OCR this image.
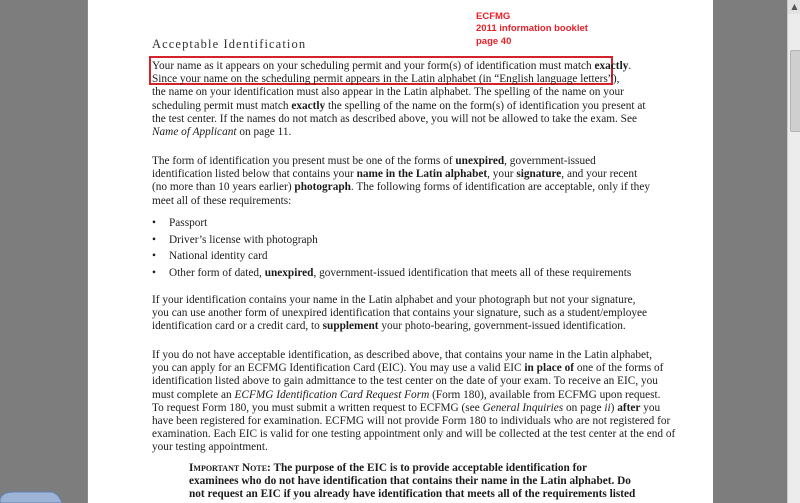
▲
ECFMG
2011 information booklet
page 40
Acceptable Identification
Your name as it appears on your scheduling permit and your form(s) of identification must match exactly.
Since your name on the scheduling permit appears in the Latin alphabet (in “English language letters”),
the name on your identification must also appear in the Latin alphabet. The spelling of the name on your
scheduling permit must match exactly the spelling of the name on the form(s) of identification you present at
the test center. If the names do not match as described above, you will not be allowed to take the exam. See
Name of Applicant on page 11.
The form of identification you present must be one of the forms of unexpired, government-issued
identification listed below that contains your name in the Latin alphabet, your signature, and your recent
(no more than 10 years earlier) photograph. The following forms of identification are acceptable, only if they
meet all of these requirements:
• Passport
• Driver’s license with photograph
• National identity card
• Other form of dated, unexpired, government-issued identification that meets all of these requirements
If your identification contains your name in the Latin alphabet and your photograph but not your signature,
you can use another form of unexpired identification that contains your signature, such as a student/employee
identification card or a credit card, to supplement your photo-bearing, government-issued identification.
If you do not have acceptable identification, as described above, that contains your name in the Latin alphabet,
you can apply for an ECFMG Identification Card (EIC). You may use a valid EIC in place of one of the forms of
identification listed above to gain admittance to the test center on the date of your exam. To receive an EIC, you
must complete an ECFMG Identification Card Request Form (Form 180), available from ECFMG upon request.
To request Form 180, you must submit a written request to ECFMG (see General Inquiries on page ii) after you
have been registered for examination. ECFMG will not provide Form 180 to individuals who are not registered for
examination. Each EIC is valid for one testing appointment only and will be collected at the test center at the end of
your testing appointment.
Important Note: The purpose of the EIC is to provide acceptable identification for
examinees who do not have identification that contains their name in the Latin alphabet. Do
not request an EIC if you already have identification that meets all of the requirements listed
